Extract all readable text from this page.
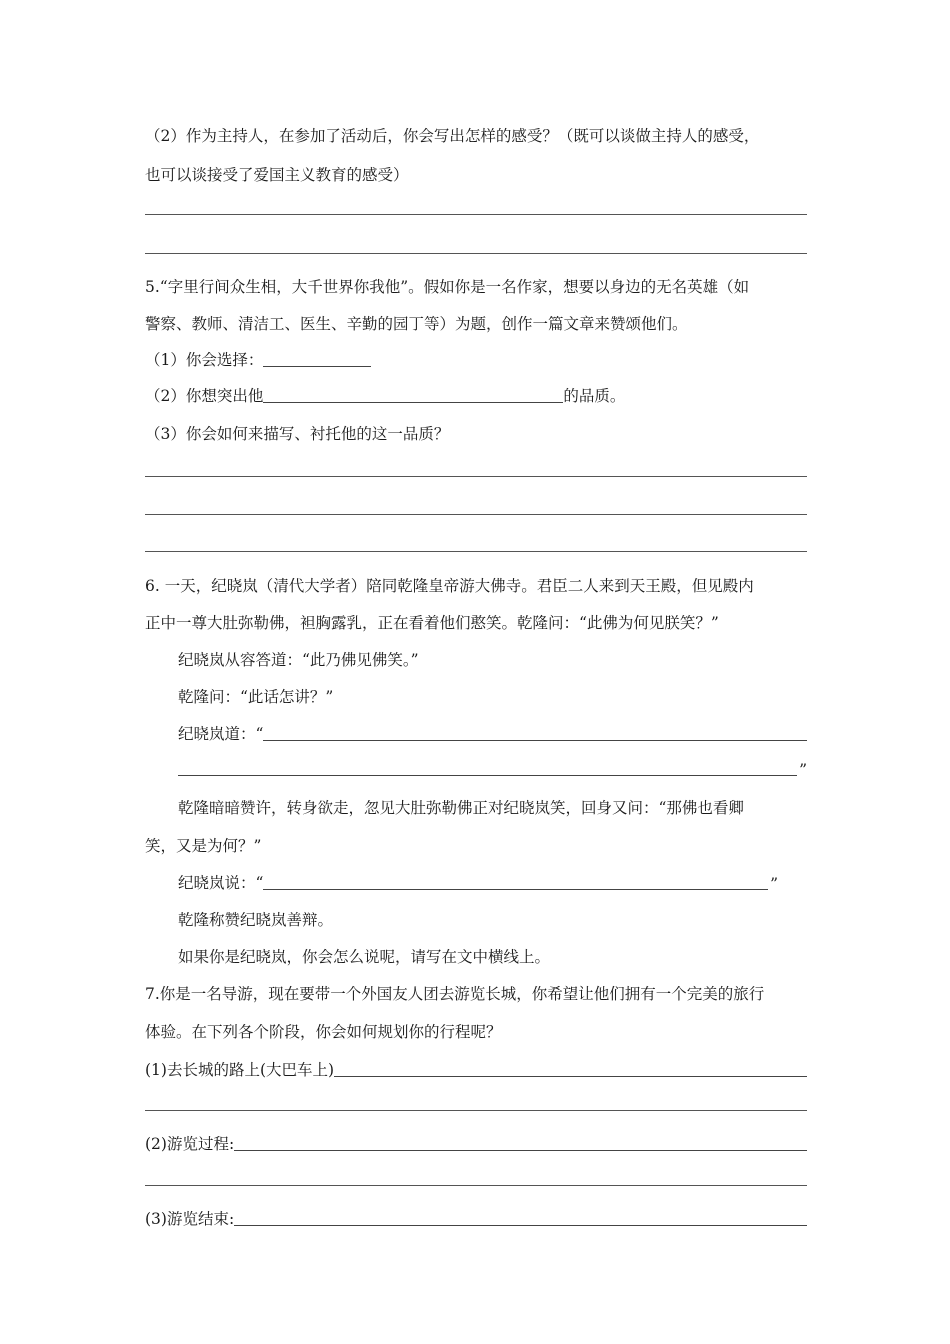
（2）作为主持人，在参加了活动后，你会写出怎样的感受？（既可以谈做主持人的感受，
也可以谈接受了爱国主义教育的感受）
5.“字里行间众生相，大千世界你我他”。假如你是一名作家，想要以身边的无名英雄（如
警察、教师、清洁工、医生、辛勤的园丁等）为题，创作一篇文章来赞颂他们。
（1）你会选择：
（2）你想突出他	的品质。
（3）你会如何来描写、衬托他的这一品质？
6. 一天，纪晓岚（清代大学者）陪同乾隆皇帝游大佛寺。君臣二人来到天王殿，但见殿内
正中一尊大肚弥勒佛，袒胸露乳，正在看着他们憨笑。乾隆问：“此佛为何见朕笑？”
纪晓岚从容答道：“此乃佛见佛笑。”
乾隆问：“此话怎讲？”
纪晓岚道：“
”
乾隆暗暗赞许，转身欲走，忽见大肚弥勒佛正对纪晓岚笑，回身又问：“那佛也看卿
笑，又是为何？”
纪晓岚说：“	”
乾隆称赞纪晓岚善辩。
如果你是纪晓岚，你会怎么说呢，请写在文中横线上。
7.你是一名导游，现在要带一个外国友人团去游览长城，你希望让他们拥有一个完美的旅行
体验。在下列各个阶段，你会如何规划你的行程呢？
(1)去长城的路上(大巴车上)
(2)游览过程:
(3)游览结束:
